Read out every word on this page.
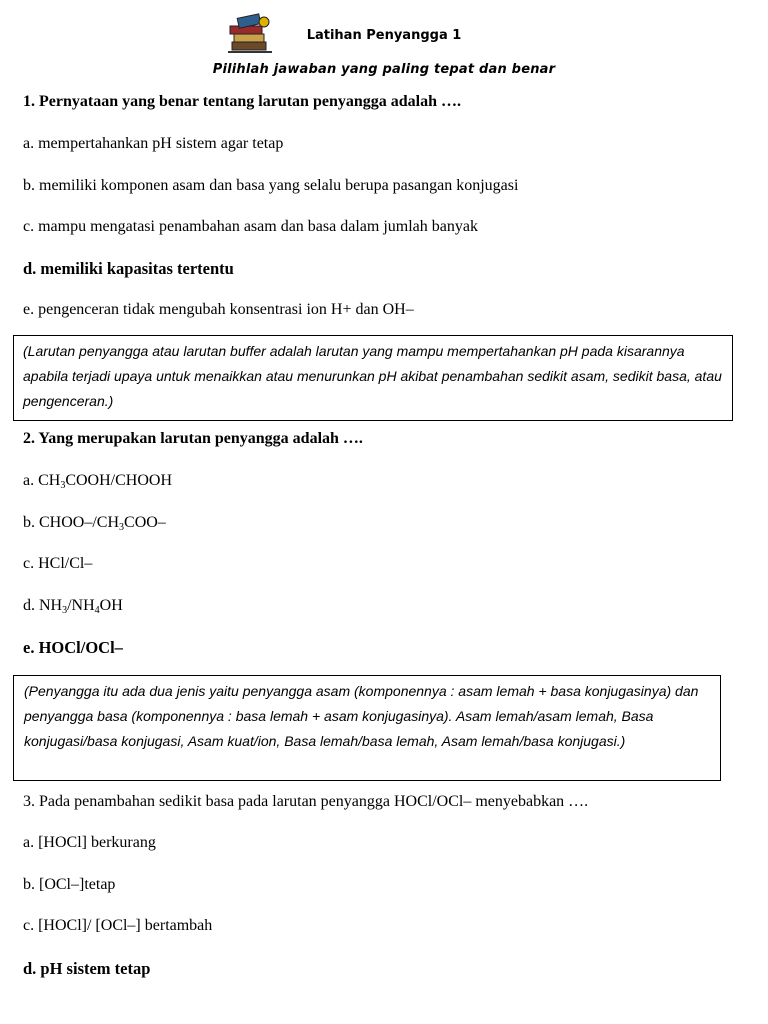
Latihan Penyangga 1
Pilihlah jawaban yang paling tepat dan benar
1. Pernyataan yang benar tentang larutan penyangga adalah ….
a. mempertahankan pH sistem agar tetap
b. memiliki komponen asam dan basa yang selalu berupa pasangan konjugasi
c. mampu mengatasi penambahan asam dan basa dalam jumlah banyak
d. memiliki kapasitas tertentu
e. pengenceran tidak mengubah konsentrasi ion H+ dan OH–
(Larutan penyangga atau larutan buffer adalah larutan yang mampu mempertahankan pH pada kisarannya apabila terjadi upaya untuk menaikkan atau menurunkan pH akibat penambahan sedikit asam, sedikit basa, atau pengenceran.)
2. Yang merupakan larutan penyangga adalah ….
a. $CH_3COOH$/CHOOH
b. CHOO–$/CH_3COO-$
c. HCl/Cl–
d. $NH_3/NH_4OH$
e. HOCl/OCl–
(Penyangga itu ada dua jenis yaitu penyangga asam (komponennya : asam lemah + basa konjugasinya) dan penyangga basa (komponennya : basa lemah + asam konjugasinya). Asam lemah/asam lemah, Basa konjugasi/basa konjugasi, Asam kuat/ion, Basa lemah/basa lemah, Asam lemah/basa konjugasi.)
3. Pada penambahan sedikit basa pada larutan penyangga HOCl/OCl– menyebabkan ….
a. [HOCl] berkurang
b. [OCl–]tetap
c. [HOCl]/ [OCl–] bertambah
d. pH sistem tetap
